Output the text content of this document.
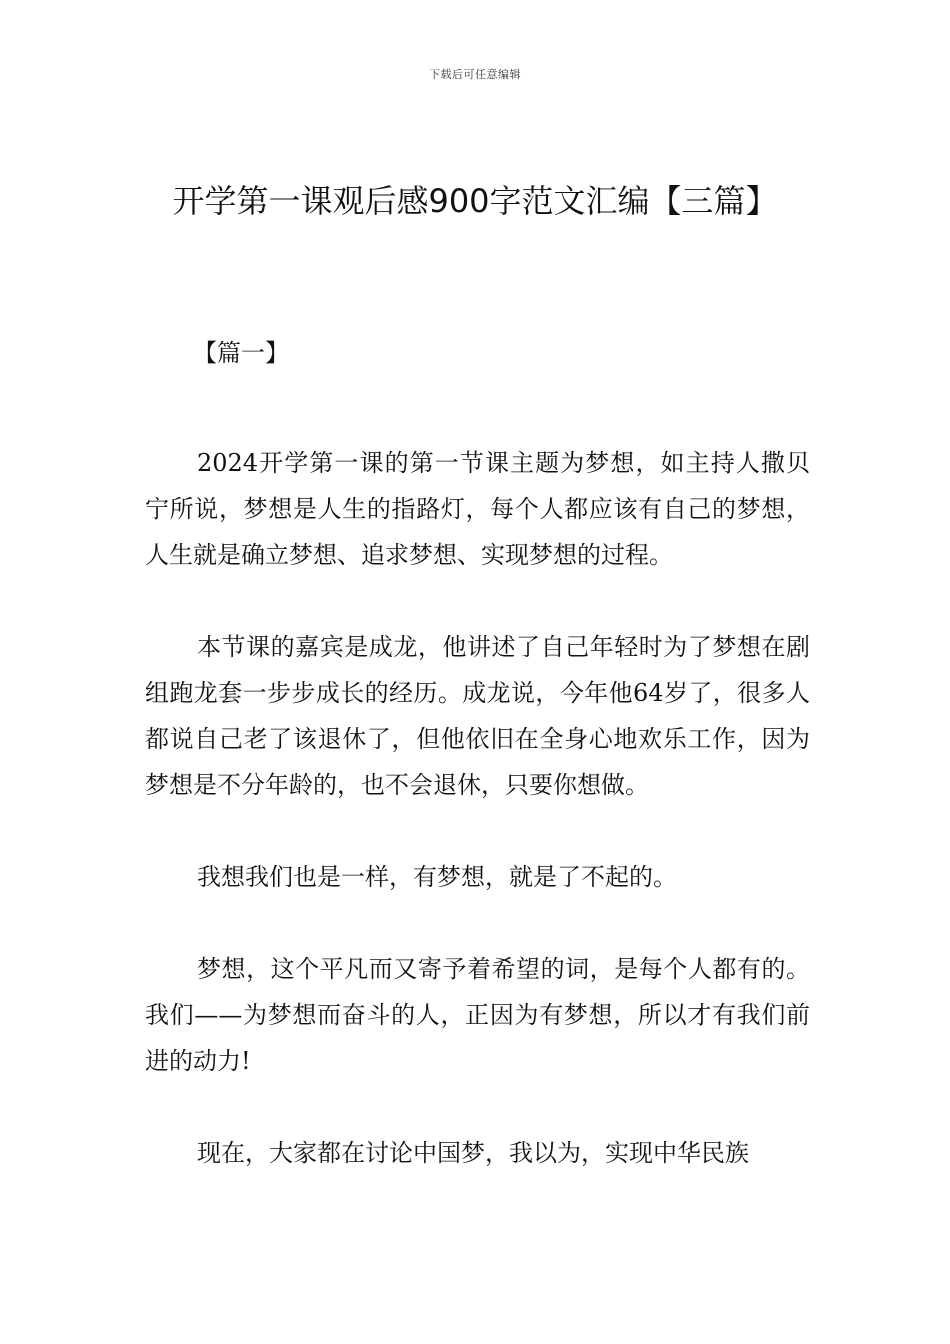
下载后可任意编辑
开学第一课观后感900字范文汇编【三篇】

【篇一】

2024开学第一课的第一节课主题为梦想，如主持人撒贝宁所说，梦想是人生的指路灯，每个人都应该有自己的梦想，人生就是确立梦想、追求梦想、实现梦想的过程。

本节课的嘉宾是成龙，他讲述了自己年轻时为了梦想在剧组跑龙套一步步成长的经历。成龙说，今年他64岁了，很多人都说自己老了该退休了，但他依旧在全身心地欢乐工作，因为梦想是不分年龄的，也不会退休，只要你想做。

我想我们也是一样，有梦想，就是了不起的。

梦想，这个平凡而又寄予着希望的词，是每个人都有的。我们——为梦想而奋斗的人，正因为有梦想，所以才有我们前进的动力!

现在，大家都在讨论中国梦，我以为，实现中华民族
